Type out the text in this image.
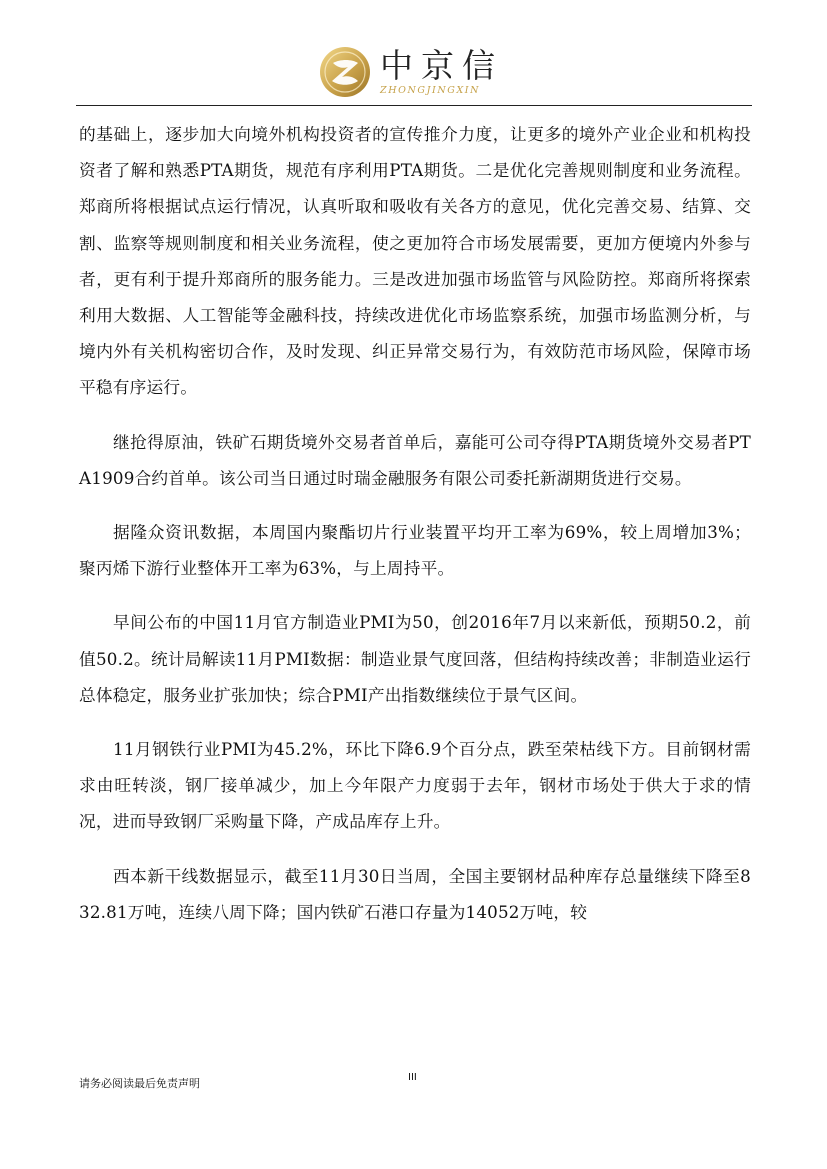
中京信
ZHONGJINGXIN

的基础上，逐步加大向境外机构投资者的宣传推介力度，让更多的境外产业企业和机构投资者了解和熟悉PTA期货，规范有序利用PTA期货。二是优化完善规则制度和业务流程。郑商所将根据试点运行情况，认真听取和吸收有关各方的意见，优化完善交易、结算、交割、监察等规则制度和相关业务流程，使之更加符合市场发展需要，更加方便境内外参与者，更有利于提升郑商所的服务能力。三是改进加强市场监管与风险防控。郑商所将探索利用大数据、人工智能等金融科技，持续改进优化市场监察系统，加强市场监测分析，与境内外有关机构密切合作，及时发现、纠正异常交易行为，有效防范市场风险，保障市场平稳有序运行。

继抢得原油，铁矿石期货境外交易者首单后，嘉能可公司夺得PTA期货境外交易者PTA1909合约首单。该公司当日通过时瑞金融服务有限公司委托新湖期货进行交易。

据隆众资讯数据，本周国内聚酯切片行业装置平均开工率为69%，较上周增加3%；聚丙烯下游行业整体开工率为63%，与上周持平。

早间公布的中国11月官方制造业PMI为50，创2016年7月以来新低，预期50.2，前值50.2。统计局解读11月PMI数据：制造业景气度回落，但结构持续改善；非制造业运行总体稳定，服务业扩张加快；综合PMI产出指数继续位于景气区间。

11月钢铁行业PMI为45.2%，环比下降6.9个百分点，跌至荣枯线下方。目前钢材需求由旺转淡，钢厂接单减少，加上今年限产力度弱于去年，钢材市场处于供大于求的情况，进而导致钢厂采购量下降，产成品库存上升。

西本新干线数据显示，截至11月30日当周，全国主要钢材品种库存总量继续下降至832.81万吨，连续八周下降；国内铁矿石港口存量为14052万吨，较

请务必阅读最后免责声明	III
